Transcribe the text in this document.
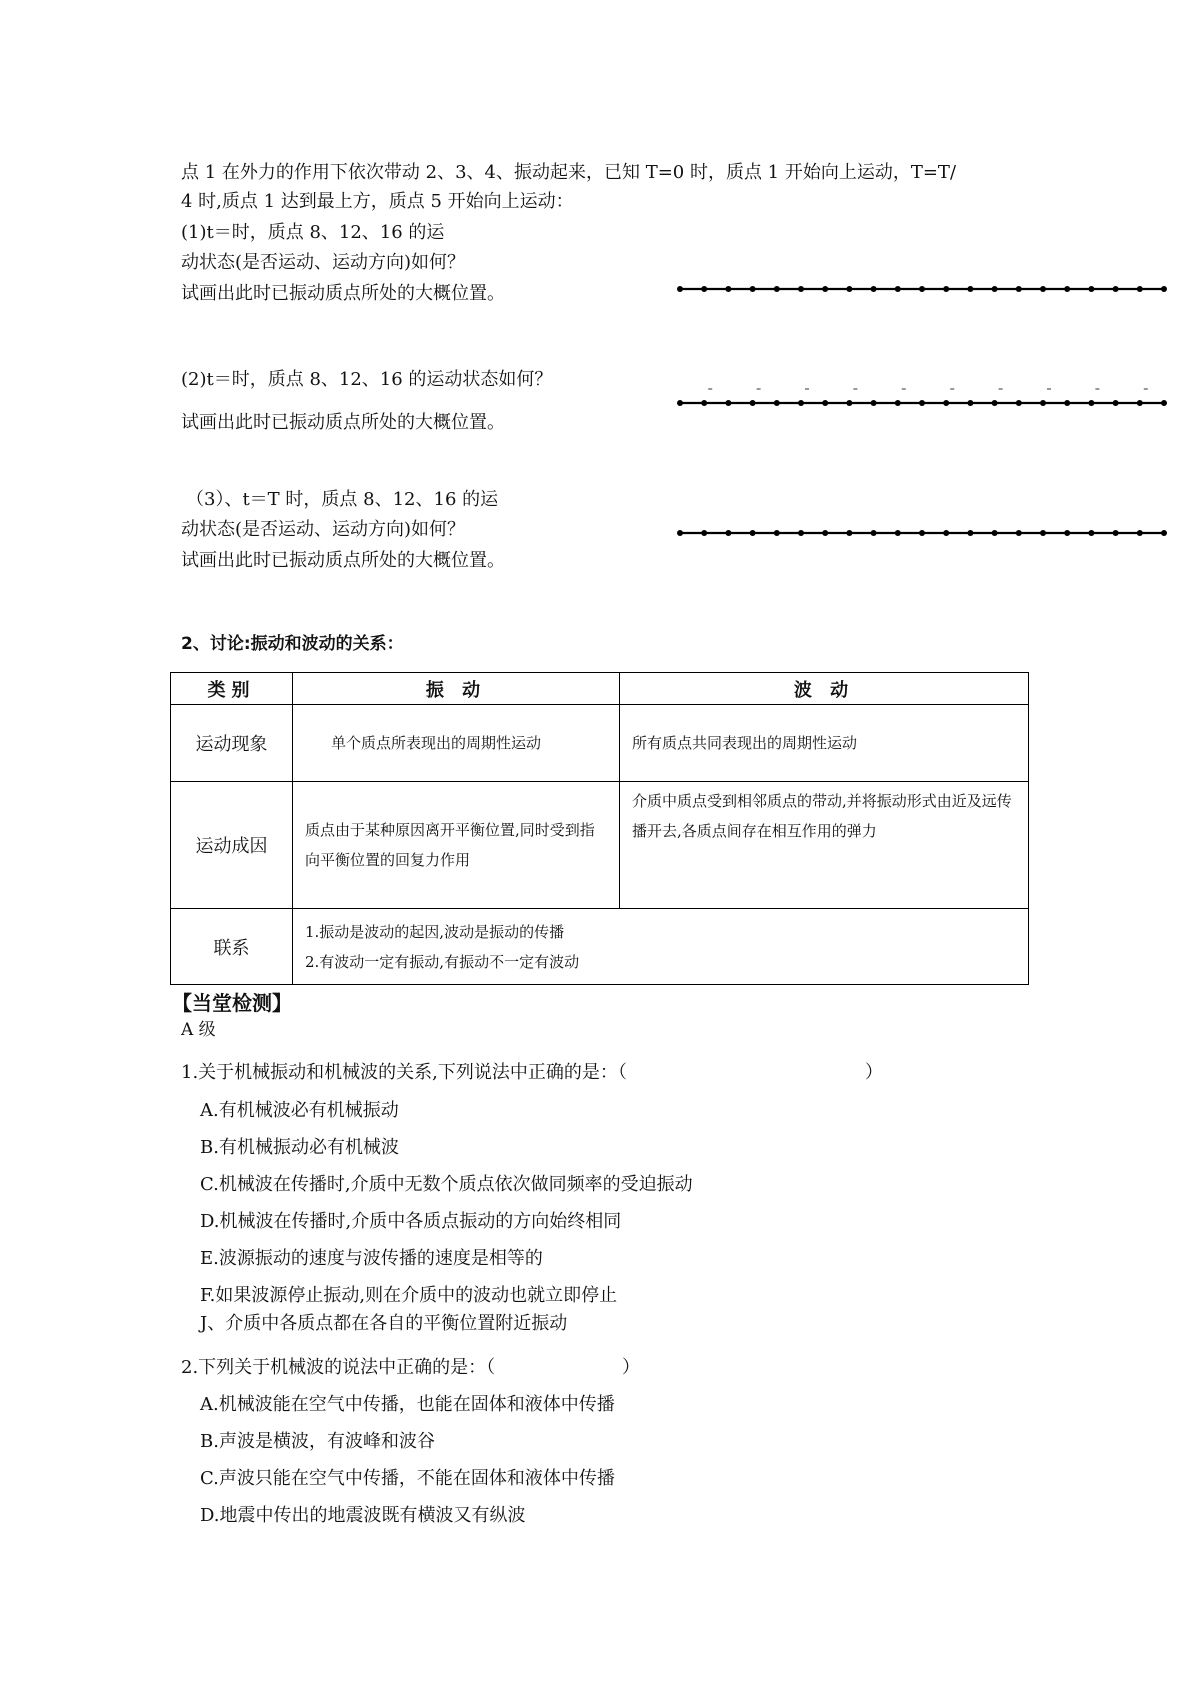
点 1 在外力的作用下依次带动 2、3、4、振动起来，已知 T=0 时，质点 1 开始向上运动，T=T/
4 时,质点 1 达到最上方，质点 5 开始向上运动：
(1)t＝时，质点 8、12、16 的运
动状态(是否运动、运动方向)如何？
试画出此时已振动质点所处的大概位置。
(2)t＝时，质点 8、12、16 的运动状态如何？
试画出此时已振动质点所处的大概位置。
（3）、t＝T 时，质点 8、12、16 的运
动状态(是否运动、运动方向)如何？
试画出此时已振动质点所处的大概位置。
2、讨论:振动和波动的关系：
类别	振 动	波 动
运动现象	单个质点所表现出的周期性运动	所有质点共同表现出的周期性运动
运动成因	质点由于某种原因离开平衡位置,同时受到指向平衡位置的回复力作用	介质中质点受到相邻质点的带动,并将振动形式由近及远传播开去,各质点间存在相互作用的弹力
联系	1.振动是波动的起因,波动是振动的传播
2.有波动一定有振动,有振动不一定有波动	
【当堂检测】
A 级
1.关于机械振动和机械波的关系,下列说法中正确的是：（	）
A.有机械波必有机械振动
B.有机械振动必有机械波
C.机械波在传播时,介质中无数个质点依次做同频率的受迫振动
D.机械波在传播时,介质中各质点振动的方向始终相同
E.波源振动的速度与波传播的速度是相等的
F.如果波源停止振动,则在介质中的波动也就立即停止
J、介质中各质点都在各自的平衡位置附近振动
2.下列关于机械波的说法中正确的是：（	）
A.机械波能在空气中传播，也能在固体和液体中传播
B.声波是横波，有波峰和波谷
C.声波只能在空气中传播，不能在固体和液体中传播
D.地震中传出的地震波既有横波又有纵波
